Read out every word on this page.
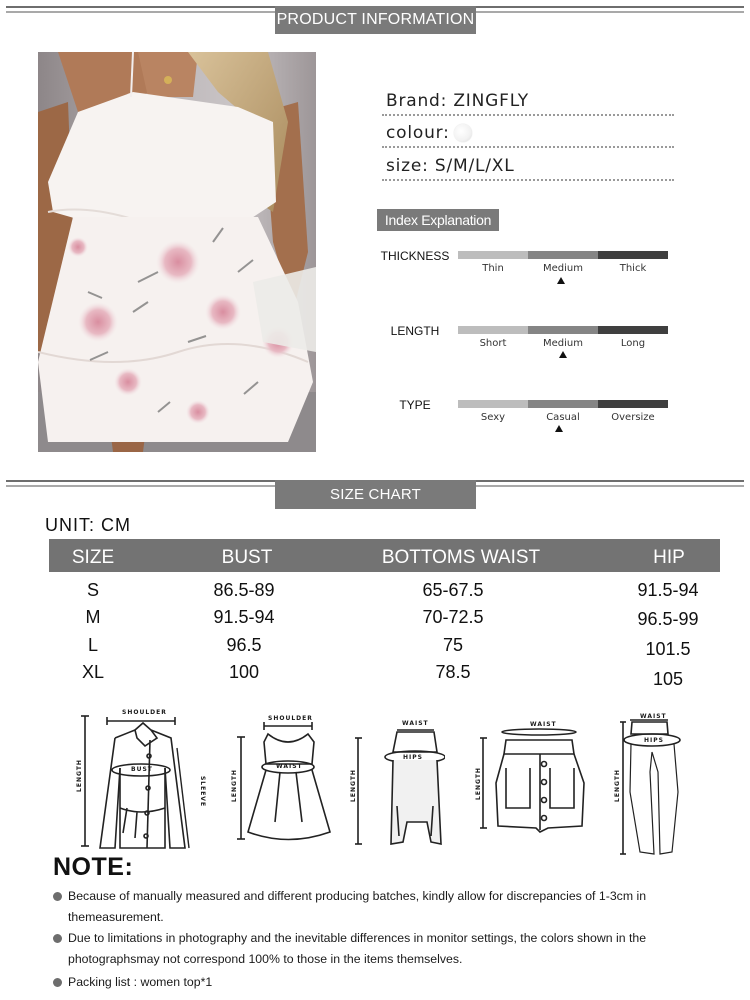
PRODUCT INFORMATION
Brand: ZINGFLY
colour:
size: S/M/L/XL
Index Explanation
THICKNESS
Thin	Medium	Thick
LENGTH
Short	Medium	Long
TYPE
Sexy	Casual	Oversize
SIZE CHART
UNIT: CM
SIZE	BUST	BOTTOMS WAIST	HIP
S	86.5-89	65-67.5	91.5-94
M	91.5-94	70-72.5	96.5-99
L	96.5	75	101.5
XL	100	78.5	105
SHOULDER
BUST
LENGTH	SLEEVE
SHOULDER
WAIST
LENGTH
WAIST
HIPS
LENGTH
WAIST
LENGTH
WAIST
HIPS
LENGTH
NOTE:
Because of manually measured and different producing batches, kindly allow for discrepancies of 1-3cm in themeasurement.
Due to limitations in photography and the inevitable differences in monitor settings, the colors shown in the photographsmay not correspond 100% to those in the items themselves.
Packing list : women top*1
